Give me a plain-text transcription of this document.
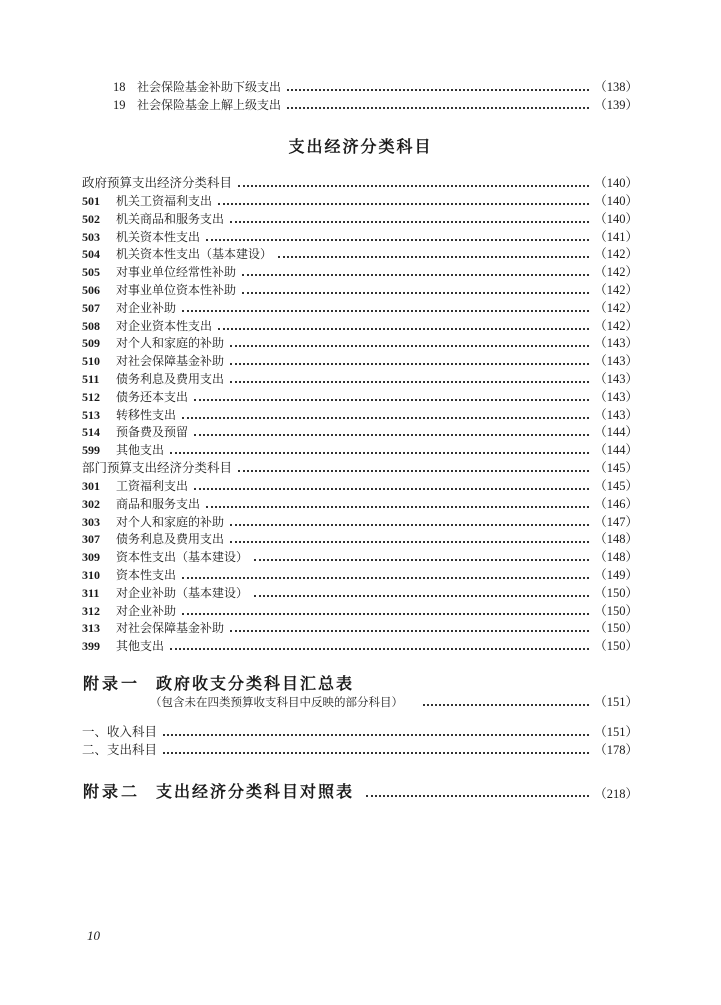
18 社会保险基金补助下级支出	（138）
19 社会保险基金上解上级支出	（139）
支出经济分类科目
政府预算支出经济分类科目	（140）
501	机关工资福利支出	（140）
502	机关商品和服务支出	（140）
503	机关资本性支出	（141）
504	机关资本性支出（基本建设）	（142）
505	对事业单位经常性补助	（142）
506	对事业单位资本性补助	（142）
507	对企业补助	（142）
508	对企业资本性支出	（142）
509	对个人和家庭的补助	（143）
510	对社会保障基金补助	（143）
511	债务利息及费用支出	（143）
512	债务还本支出	（143）
513	转移性支出	（143）
514	预备费及预留	（144）
599	其他支出	（144）
部门预算支出经济分类科目	（145）
301	工资福利支出	（145）
302	商品和服务支出	（146）
303	对个人和家庭的补助	（147）
307	债务利息及费用支出	（148）
309	资本性支出（基本建设）	（148）
310	资本性支出	（149）
311	对企业补助（基本建设）	（150）
312	对企业补助	（150）
313	对社会保障基金补助	（150）
399	其他支出	（150）
附录一 政府收支分类科目汇总表
（包含未在四类预算收支科目中反映的部分科目）	（151）
一、收入科目	（151）
二、支出科目	（178）
附录二 支出经济分类科目对照表	（218）
10
